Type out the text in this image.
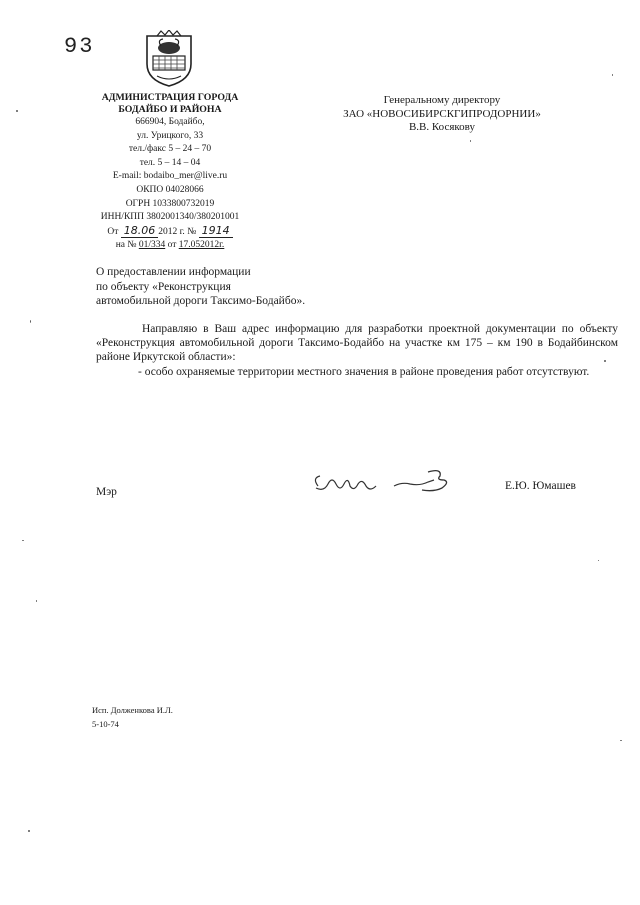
93
АДМИНИСТРАЦИЯ ГОРОДА
БОДАЙБО И РАЙОНА
666904, Бодайбо,
ул. Урицкого, 33
тел./факс 5 – 24 – 70
тел. 5 – 14 – 04
E-mail: bodaibo_mer@live.ru
ОКПО 04028066
ОГРН 1033800732019
ИНН/КПП 3802001340/380201001
От 18.06 2012 г. № 1914
на № 01/334 от 17.052012г.
Генеральному директору
ЗАО «НОВОСИБИРСКГИПРОДОРНИИ»
В.В. Косякову
О предоставлении информации
по объекту «Реконструкция
автомобильной дороги Таксимо-Бодайбо».

Направляю в Ваш адрес информацию для разработки проектной документации по объекту «Реконструкция автомобильной дороги Таксимо-Бодайбо на участке км 175 – км 190 в Бодайбинском районе Иркутской области»:

- особо охраняемые территории местного значения в районе проведения работ отсутствуют.

Мэр	Е.Ю. Юмашев
Исп. Долженкова И.Л.
5-10-74
